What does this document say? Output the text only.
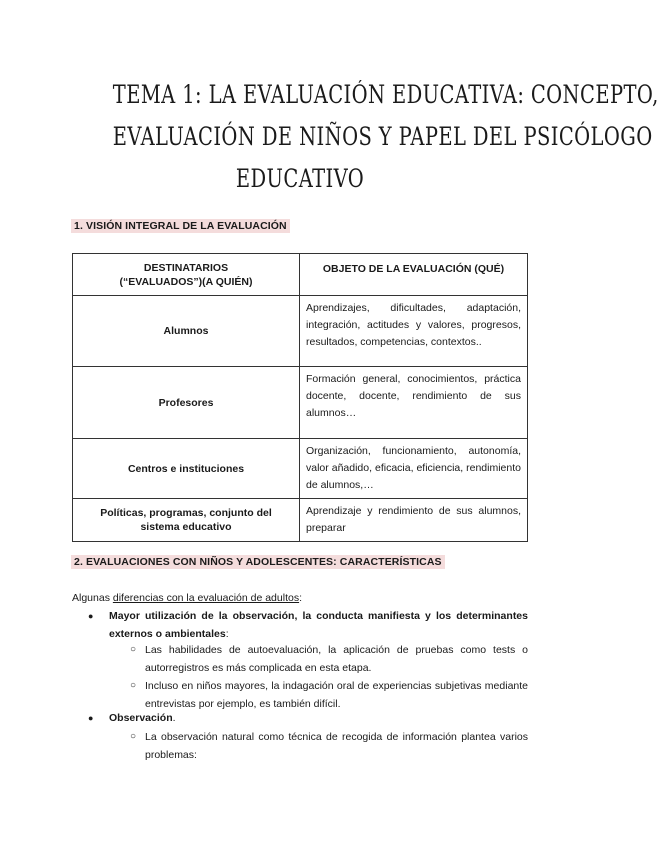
TEMA 1: LA EVALUACIÓN EDUCATIVA: CONCEPTO,
EVALUACIÓN DE NIÑOS Y PAPEL DEL PSICÓLOGO
EDUCATIVO
1. VISIÓN INTEGRAL DE LA EVALUACIÓN
DESTINATARIOS
(“EVALUADOS”)(A QUIÉN)	OBJETO DE LA EVALUACIÓN (QUÉ)
Alumnos	Aprendizajes, dificultades, adaptación, integración, actitudes y valores, progresos, resultados, competencias, contextos..
Profesores	Formación general, conocimientos, práctica docente, docente, rendimiento de sus alumnos…
Centros e instituciones	Organización, funcionamiento, autonomía, valor añadido, eficacia, eficiencia, rendimiento de alumnos,…
Políticas, programas, conjunto del sistema educativo	Aprendizaje y rendimiento de sus alumnos, preparar
2. EVALUACIONES CON NIÑOS Y ADOLESCENTES: CARACTERÍSTICAS
Algunas diferencias con la evaluación de adultos:
● Mayor utilización de la observación, la conducta manifiesta y los determinantes externos o ambientales:
○ Las habilidades de autoevaluación, la aplicación de pruebas como tests o autorregistros es más complicada en esta etapa.
○ Incluso en niños mayores, la indagación oral de experiencias subjetivas mediante entrevistas por ejemplo, es también difícil.
● Observación.
○ La observación natural como técnica de recogida de información plantea varios problemas:
